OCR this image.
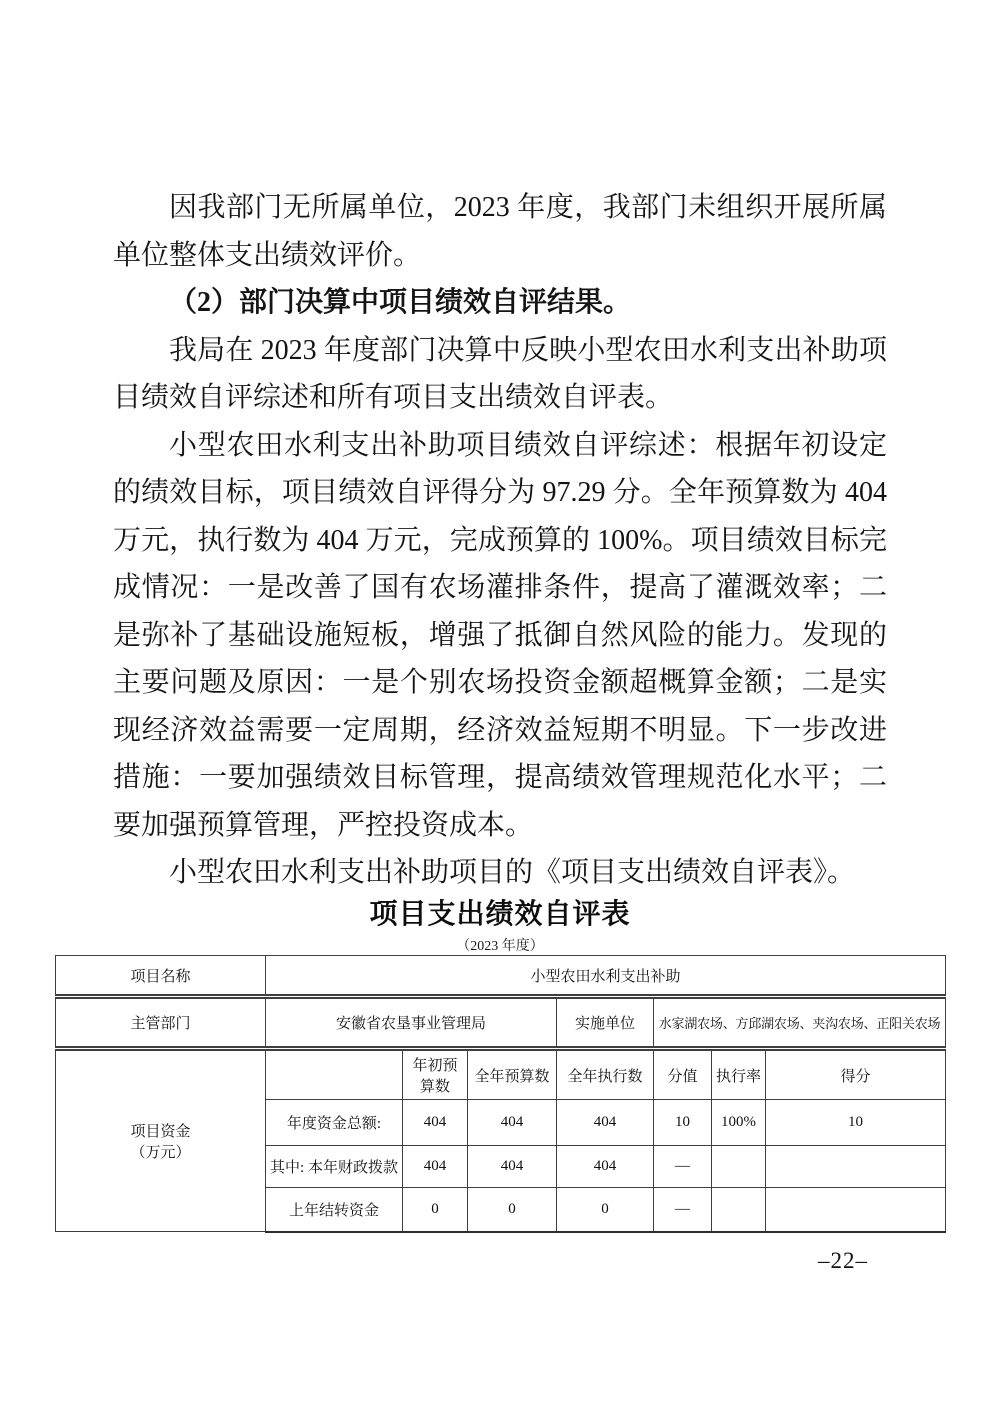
因我部门无所属单位，2023 年度，我部门未组织开展所属单位整体支出绩效评价。

（2）部门决算中项目绩效自评结果。

我局在 2023 年度部门决算中反映小型农田水利支出补助项目绩效自评综述和所有项目支出绩效自评表。

小型农田水利支出补助项目绩效自评综述：根据年初设定的绩效目标，项目绩效自评得分为 97.29 分。全年预算数为 404 万元，执行数为 404 万元，完成预算的 100%。项目绩效目标完成情况：一是改善了国有农场灌排条件，提高了灌溉效率；二是弥补了基础设施短板，增强了抵御自然风险的能力。发现的主要问题及原因：一是个别农场投资金额超概算金额；二是实现经济效益需要一定周期，经济效益短期不明显。下一步改进措施：一要加强绩效目标管理，提高绩效管理规范化水平；二要加强预算管理，严控投资成本。

小型农田水利支出补助项目的《项目支出绩效自评表》。

项目支出绩效自评表
（2023 年度）
项目名称	小型农田水利支出补助						
主管部门	安徽省农垦事业管理局			实施单位	水家湖农场、方邱湖农场、夹沟农场、正阳关农场		

项目资金
（万元）		年初预算数	全年预算数	全年执行数	分值	执行率	得分
	年度资金总额:	404	404	404	10	100%	10
	其中: 本年财政拨款	404	404	404	—		
	上年结转资金	0	0	0	—		
–22–
